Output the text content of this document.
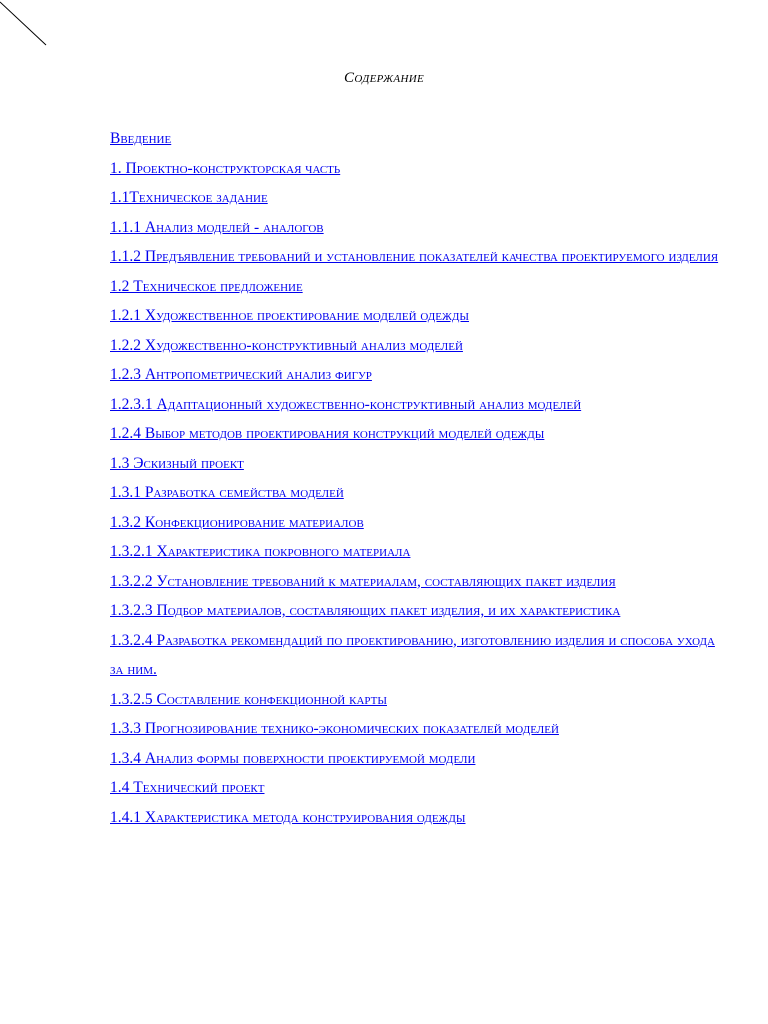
Содержание
Введение
1. Проектно-конструкторская часть
1.1Техническое задание
1.1.1 Анализ моделей - аналогов
1.1.2 Предъявление требований и установление показателей качества проектируемого изделия
1.2 Техническое предложение
1.2.1 Художественное проектирование моделей одежды
1.2.2 Художественно-конструктивный анализ моделей
1.2.3 Антропометрический анализ фигур
1.2.3.1 Адаптационный художественно-конструктивный анализ моделей
1.2.4 Выбор методов проектирования конструкций моделей одежды
1.3 Эскизный проект
1.3.1 Разработка семейства моделей
1.3.2 Конфекционирование материалов
1.3.2.1 Характеристика покровного материала
1.3.2.2 Установление требований к материалам, составляющих пакет изделия
1.3.2.3 Подбор материалов, составляющих пакет изделия, и их характеристика
1.3.2.4 Разработка рекомендаций по проектированию, изготовлению изделия и способа ухода за ним.
1.3.2.5 Составление конфекционной карты
1.3.3 Прогнозирование технико-экономических показателей моделей
1.3.4 Анализ формы поверхности проектируемой модели
1.4 Технический проект
1.4.1 Характеристика метода конструирования одежды
